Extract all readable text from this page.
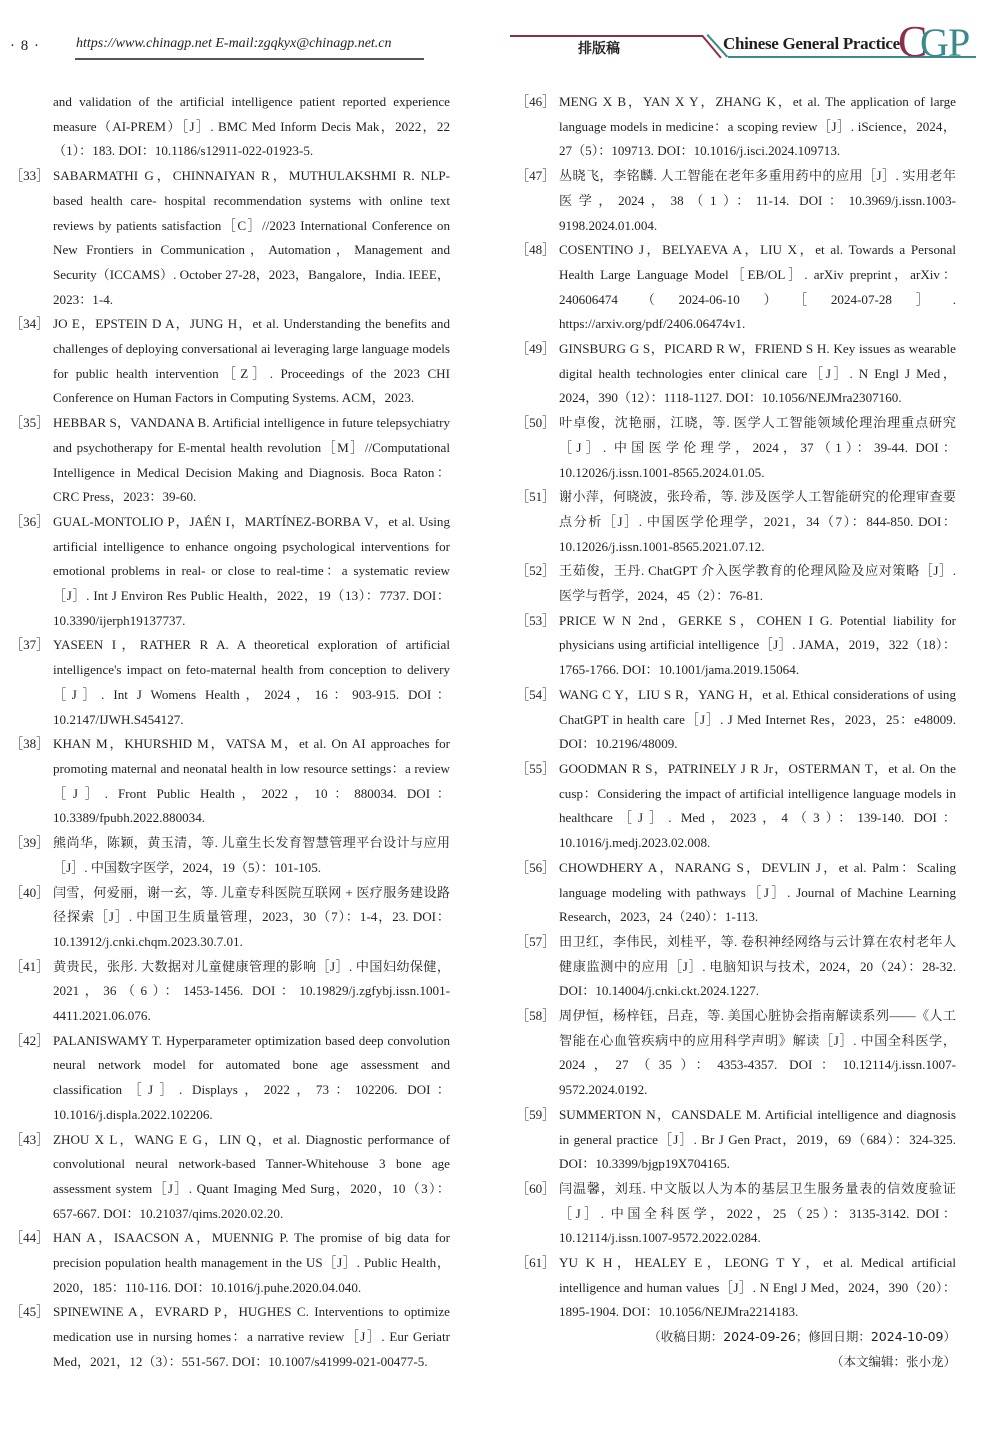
· 8 ·	https://www.chinagp.net E-mail:zgqkyx@chinagp.net.cn	排版稿	Chinese General Practice
C
G P
and validation of the artificial intelligence patient reported experience measure（AI-PREM）［J］. BMC Med Inform Decis Mak，2022，22（1）：183. DOI：10.1186/s12911-022-01923-5.
［33］ SABARMATHI G，CHINNAIYAN R，MUTHULAKSHMI R. NLP-based health care- hospital recommendation systems with online text reviews by patients satisfaction［C］//2023 International Conference on New Frontiers in Communication，Automation，Management and Security（ICCAMS）. October 27-28，2023，Bangalore，India. IEEE，2023：1-4.
［34］ JO E，EPSTEIN D A，JUNG H，et al. Understanding the benefits and challenges of deploying conversational ai leveraging large language models for public health intervention［Z］. Proceedings of the 2023 CHI Conference on Human Factors in Computing Systems. ACM，2023.
［35］ HEBBAR S，VANDANA B. Artificial intelligence in future telepsychiatry and psychotherapy for E-mental health revolution［M］//Computational Intelligence in Medical Decision Making and Diagnosis. Boca Raton：CRC Press，2023：39-60.
［36］ GUAL-MONTOLIO P，JAÉN I，MARTÍNEZ-BORBA V，et al. Using artificial intelligence to enhance ongoing psychological interventions for emotional problems in real- or close to real-time：a systematic review［J］. Int J Environ Res Public Health，2022，19（13）：7737. DOI：10.3390/ijerph19137737.
［37］ YASEEN I，RATHER R A. A theoretical exploration of artificial intelligence's impact on feto-maternal health from conception to delivery［J］. Int J Womens Health，2024，16：903-915. DOI：10.2147/IJWH.S454127.
［38］ KHAN M，KHURSHID M，VATSA M，et al. On AI approaches for promoting maternal and neonatal health in low resource settings：a review［J］. Front Public Health，2022，10：880034. DOI：10.3389/fpubh.2022.880034.
［39］ 熊尚华，陈颖，黄玉清，等. 儿童生长发育智慧管理平台设计与应用［J］. 中国数字医学，2024，19（5）：101-105.
［40］ 闫雪，何爱丽，谢一玄，等. 儿童专科医院互联网 + 医疗服务建设路径探索［J］. 中国卫生质量管理，2023，30（7）：1-4，23. DOI：10.13912/j.cnki.chqm.2023.30.7.01.
［41］ 黄贵民，张彤. 大数据对儿童健康管理的影响［J］. 中国妇幼保健，2021，36（6）：1453-1456. DOI：10.19829/j.zgfybj.issn.1001-4411.2021.06.076.
［42］ PALANISWAMY T. Hyperparameter optimization based deep convolution neural network model for automated bone age assessment and classification［J］. Displays，2022，73：102206. DOI：10.1016/j.displa.2022.102206.
［43］ ZHOU X L，WANG E G，LIN Q，et al. Diagnostic performance of convolutional neural network-based Tanner-Whitehouse 3 bone age assessment system［J］. Quant Imaging Med Surg，2020，10（3）：657-667. DOI：10.21037/qims.2020.02.20.
［44］ HAN A，ISAACSON A，MUENNIG P. The promise of big data for precision population health management in the US［J］. Public Health，2020，185：110-116. DOI：10.1016/j.puhe.2020.04.040.
［45］ SPINEWINE A，EVRARD P，HUGHES C. Interventions to optimize medication use in nursing homes：a narrative review［J］. Eur Geriatr Med，2021，12（3）：551-567. DOI：10.1007/s41999-021-00477-5.
［46］ MENG X B，YAN X Y，ZHANG K，et al. The application of large language models in medicine：a scoping review［J］. iScience，2024，27（5）：109713. DOI：10.1016/j.isci.2024.109713.
［47］ 丛晓飞，李铭麟. 人工智能在老年多重用药中的应用［J］. 实用老年医学，2024，38（1）：11-14. DOI：10.3969/j.issn.1003-9198.2024.01.004.
［48］ COSENTINO J，BELYAEVA A，LIU X，et al. Towards a Personal Health Large Language Model［EB/OL］. arXiv preprint，arXiv：240606474（2024-06-10）［2024-07-28］. https://arxiv.org/pdf/2406.06474v1.
［49］ GINSBURG G S，PICARD R W，FRIEND S H. Key issues as wearable digital health technologies enter clinical care［J］. N Engl J Med，2024，390（12）：1118-1127. DOI：10.1056/NEJMra2307160.
［50］ 叶卓俊，沈艳丽，江晓，等. 医学人工智能领域伦理治理重点研究［J］. 中国医学伦理学，2024，37（1）：39-44. DOI：10.12026/j.issn.1001-8565.2024.01.05.
［51］ 谢小萍，何晓波，张玲希，等. 涉及医学人工智能研究的伦理审查要点分析［J］. 中国医学伦理学，2021，34（7）：844-850. DOI：10.12026/j.issn.1001-8565.2021.07.12.
［52］ 王茹俊，王丹. ChatGPT 介入医学教育的伦理风险及应对策略［J］. 医学与哲学，2024，45（2）：76-81.
［53］ PRICE W N 2nd，GERKE S，COHEN I G. Potential liability for physicians using artificial intelligence［J］. JAMA，2019，322（18）：1765-1766. DOI：10.1001/jama.2019.15064.
［54］ WANG C Y，LIU S R，YANG H，et al. Ethical considerations of using ChatGPT in health care［J］. J Med Internet Res，2023，25：e48009. DOI：10.2196/48009.
［55］ GOODMAN R S，PATRINELY J R Jr，OSTERMAN T，et al. On the cusp：Considering the impact of artificial intelligence language models in healthcare［J］. Med，2023，4（3）：139-140. DOI：10.1016/j.medj.2023.02.008.
［56］ CHOWDHERY A，NARANG S，DEVLIN J，et al. Palm：Scaling language modeling with pathways［J］. Journal of Machine Learning Research，2023，24（240）：1-113.
［57］ 田卫红，李伟民，刘桂平，等. 卷积神经网络与云计算在农村老年人健康监测中的应用［J］. 电脑知识与技术，2024，20（24）：28-32. DOI：10.14004/j.cnki.ckt.2024.1227.
［58］ 周伊恒，杨梓钰，吕垚，等. 美国心脏协会指南解读系列——《人工智能在心血管疾病中的应用科学声明》解读［J］. 中国全科医学，2024，27（35）：4353-4357. DOI：10.12114/j.issn.1007-9572.2024.0192.
［59］ SUMMERTON N，CANSDALE M. Artificial intelligence and diagnosis in general practice［J］. Br J Gen Pract，2019，69（684）：324-325. DOI：10.3399/bjgp19X704165.
［60］ 闫温馨，刘珏. 中文版以人为本的基层卫生服务量表的信效度验证［J］. 中国全科医学，2022，25（25）：3135-3142. DOI：10.12114/j.issn.1007-9572.2022.0284.
［61］ YU K H，HEALEY E，LEONG T Y，et al. Medical artificial intelligence and human values［J］. N Engl J Med，2024，390（20）：1895-1904. DOI：10.1056/NEJMra2214183.
（收稿日期：2024-09-26；修回日期：2024-10-09）
（本文编辑：张小龙）
